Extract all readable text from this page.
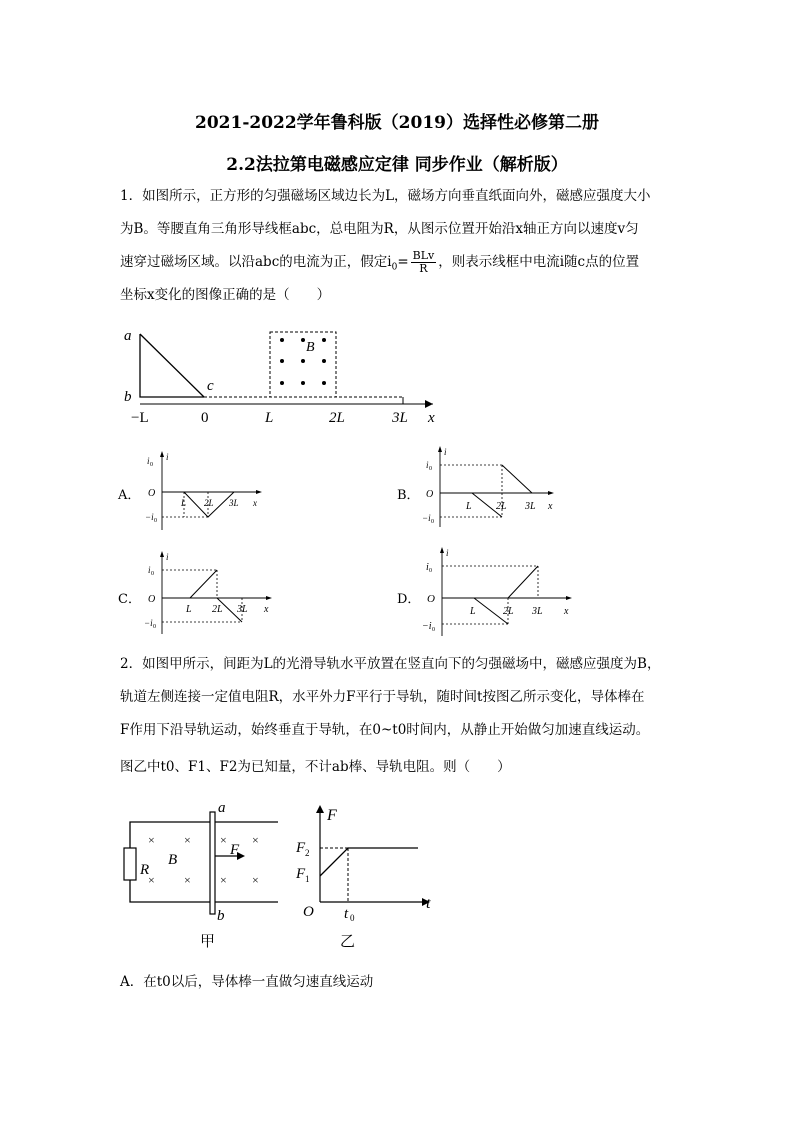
2021-2022学年鲁科版（2019）选择性必修第二册
2.2法拉第电磁感应定律 同步作业（解析版）
1．如图所示，正方形的匀强磁场区域边长为L，磁场方向垂直纸面向外，磁感应强度大小
为B。等腰直角三角形导线框abc，总电阻为R，从图示位置开始沿x轴正方向以速度v匀
速穿过磁场区域。以沿abc的电流为正，假定$i_0= \frac{\text{BLv}}{R}$ ，则表示线框中电流i随c点的位置
坐标x变化的图像正确的是（　　）
B
a
b
c
−L	0	L	2L	3L x
A．
i
i 0
O
−i 0
L 2L 3L x	B．
i
i 0
O
−i 0
L 2L 3L x
C．
i
i 0
O
−i 0
L 2L 3L x
D．
i
i 0
O
−i 0
L	2L 3L x
2．如图甲所示，间距为L的光滑导轨水平放置在竖直向下的匀强磁场中，磁感应强度为B，
轨道左侧连接一定值电阻R，水平外力F平行于导轨，随时间t按图乙所示变化，导体棒在
F作用下沿导轨运动，始终垂直于导轨，在0~t0时间内，从静止开始做匀加速直线运动。
图乙中t0、F1、F2为已知量，不计ab棒、导轨电阻。则（　　）
a
b
R
B
F
× × × ×
× × × ×
甲
F
F 2
F 1
O t 0
t
乙
A．在t0以后，导体棒一直做匀速直线运动
